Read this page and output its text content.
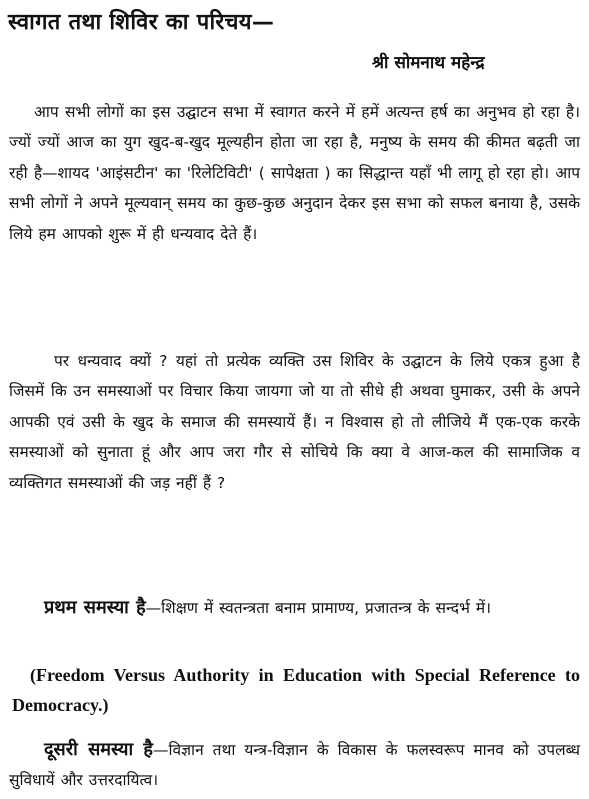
स्वागत तथा शिविर का परिचय—
श्री सोमनाथ महेन्द्र
आप सभी लोगों का इस उद्घाटन सभा में स्वागत करने में हमें अत्यन्त हर्ष का अनुभव हो रहा है। ज्यों ज्यों आज का युग खुद-ब-खुद मूल्यहीन होता जा रहा है, मनुष्य के समय की कीमत बढ़ती जा रही है—शायद 'आइंसटीन' का 'रिलेटिविटी' ( सापेक्षता ) का सिद्धान्त यहाँ भी लागू हो रहा हो। आप सभी लोगों ने अपने मूल्यवान् समय का कुछ-कुछ अनुदान देकर इस सभा को सफल बनाया है, उसके लिये हम आपको शुरू में ही धन्यवाद देते हैं।
पर धन्यवाद क्यों ? यहां तो प्रत्येक व्यक्ति उस शिविर के उद्घाटन के लिये एकत्र हुआ है जिसमें कि उन समस्याओं पर विचार किया जायगा जो या तो सीधे ही अथवा घुमाकर, उसी के अपने आपकी एवं उसी के खुद के समाज की समस्यायें हैं। न विश्वास हो तो लीजिये मैं एक-एक करके समस्याओं को सुनाता हूं और आप जरा गौर से सोचिये कि क्या वे आज-कल की सामाजिक व व्यक्तिगत समस्याओं की जड़ नहीं हैं ?
प्रथम समस्या है—शिक्षण में स्वतन्त्रता बनाम प्रामाण्य, प्रजातन्त्र के सन्दर्भ में।
(Freedom Versus Authority in Education with Special Reference to Democracy.)
दूसरी समस्या है—विज्ञान तथा यन्त्र-विज्ञान के विकास के फलस्वरूप मानव को उपलब्ध सुविधायें और उत्तरदायित्व।
